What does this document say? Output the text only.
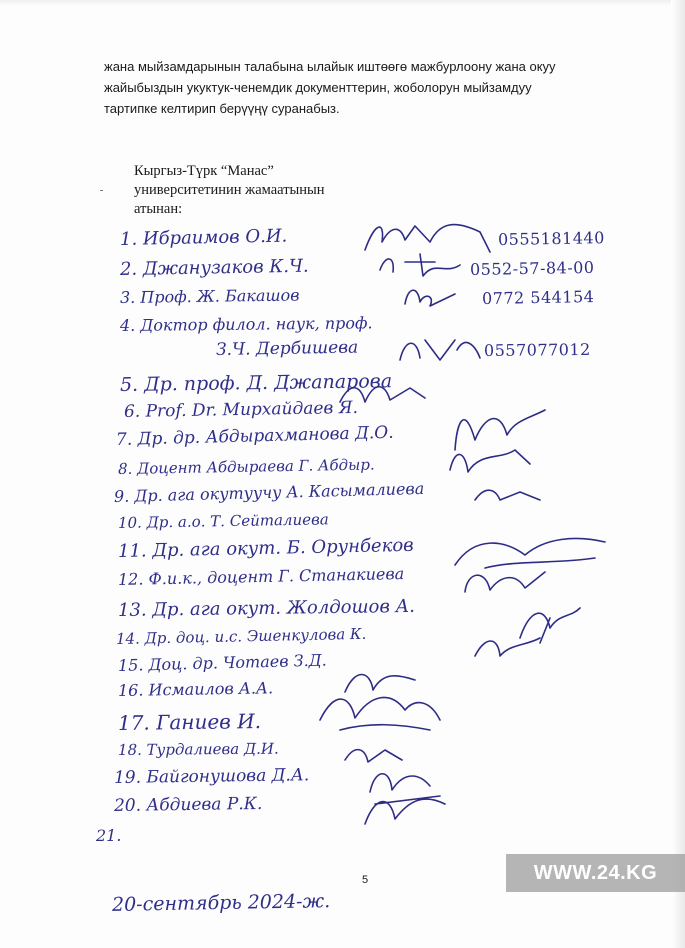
жана мыйзамдарынын талабына ылайык иштөөгө мажбурлоону жана окуу
жайыбыздын укуктук-ченемдик документтерин, жоболорун мыйзамдуу
тартипке келтирип берүүңү суранабыз.
Кыргыз-Түрк “Манас”
университетинин жамаатынын
атынан:
1. Ибраимов О.И.	0555181440
2. Джанузаков К.Ч.	0552-57-84-00
3. Проф. Ж. Бакашов	0772 544154
4. Доктор филол. наук, проф.
З.Ч. Дербишева	0557077012
5. Др. проф. Д. Джапарова
6. Prof. Dr. Мирхайдаев Я.
7. Др. др. Абдырахманова Д.О.
8. Доцент Абдыраева Г. Абдыр.
9. Др. ага окутуучу А. Касымалиева
10. Др. а.о. Т. Сейталиева
11. Др. ага окут. Б. Орунбеков
12. Ф.и.к., доцент Г. Станакиева
13. Др. ага окут. Жолдошов А.
14. Др. доц. и.с. Эшенкулова К.
15. Доц. др. Чотаев З.Д.
16. Исмаилов А.А.
17. Ганиев И.
18. Турдалиева Д.И.
19. Байгонушова Д.А.
20. Абдиева Р.К.
21.
5
20-сентябрь 2024-ж.
WWW.24.KG
